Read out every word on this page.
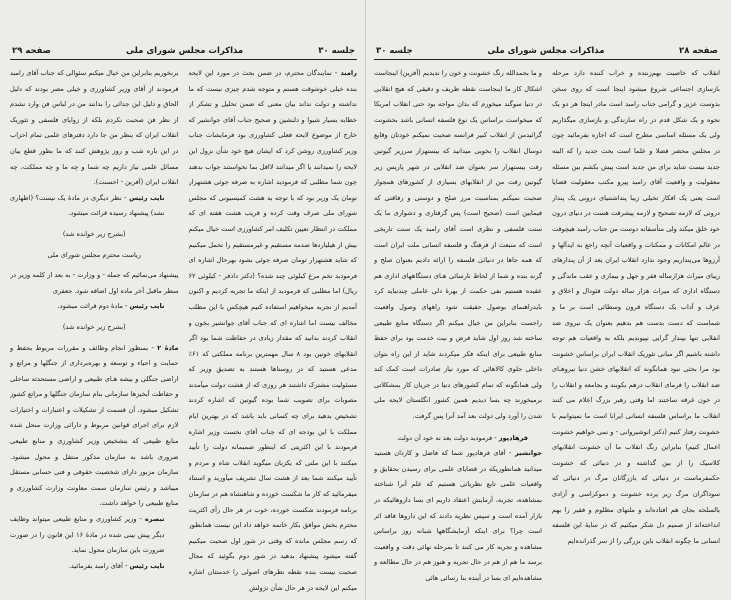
جلسه ۳۰
مذاکرات مجلس شورای ملی
صفحه ۲۹

رامبد - نمایندگان محترم، در ضمن بحث در مورد این لایحه بنده خیلی خوشوقت هستم و متوجه شدم چیزی نیست که ما نداشته و دولت نداند بیان معنی که ضمن تحلیل و تشکر از خطابه بسیار شیوا و دلنشین و صحیح جناب آقای جوانشیر که خارج از موضوع لایحه فعلی کشاورزی بود فرمایشات جناب وزیر کشاورزی روشن کرد که ایشان هیچ خود شأن نزول این لایحه را نمیدانند یا اگر میدانند لااقل بما نخواستند جواب بدهند چون شما مطلبی که فرمودید اشاره به صرفه جوئی هشتهزار تومان یک وزیر بود که با توجه به هشت کمیسیونی که مجلس شورای ملی صرف وقت کرده و قریب هشت هفته ای که مملکت در انتظار تعیین تکلیف امر کشاورزی است خیال میکنم بیش از هیلیاردها صدمه مستقیم و غیرمستقیم را تحمل میکنیم که شاید هشتهزار تومان صرفه جوئی بشود بهرحال اشاره ای فرمودید تخم مرغ کیلوئی چند شده؟ (دکتر دادفر - کیلوئی ۶۲ ریال) اما مطلبی که فرمودید از اینکه ما تجربه کردیم و اکنون آمدیم از تجربه میخواهیم استفاده کنیم هیچکس با این مطلب مخالف نیست اما اشاره ای که جناب آقای جوانشیر بخون و انقلاب کردند بدانید که مقدار زیادی در حفاظت شما بود اگر انقلابهای خونین بود ۸ سال مهمترین برنامه مملکتی که ۶۱٪ مدعی هستید که در روستاها هستند به تصدیق وزیر که مسئولیت مشترک داشتند هر روزی که از هشت دولت میآمدند مصوبات برای تصویب شما بوده گیوتین که اشاره کردند تشخیص بدهید برای چه کسانی باید باشد که در بهترین ایام مملکت با این بودجه ای که جناب آقای نخست وزیر اشاره فرمودند با این اکثریتی که اینطور صمیمانه دولت را تأیید میکنند با این ملتی که یکزبان میگوید انقلاب شاه و مردم و تأیید میکنند شما بعد از هشت سال تشریف میآورید و استناد میفرمائید که کار ما شکست خورده و شاهنشاه هم در سازمان برنامه فرمودند شکست خورده، خوب در هر حال رأی اکثریت محترم بخش موافق بکار خاتمه خواهد داد این نیست همانطور که رسم مجلس مانده که وقتی در شور اول صحبت میکنیم گفته میشود پیشنهاد بدهید در شور دوم بگوئید که مجال صحبت نیست بنده نقطه نظرهای اصولی را خدمتتان اشاره میکنم این لایحه در هر حال شأن نزولش

برنخوریم بنابراین من خیال میکنم سئوالی که جناب آقای رامبد فرمودند از آقای وزیر کشاورزی و خیلی مصر بودند که دلیل الحاق و دلیل این جدائی را بدانند من در لباس فن وارد نشدم از نظر فن صحبت نکردم بلکه از زوایای فلسفی و تئوریک انقلاب ایران که بنظر من جا دارد دفترهای علمی تمام احزاب در این باره شب و روز پژوهش کنند که ما بطور قطع بیان مسائل علمی نیاز داریم چه شما و چه ما و چه مملکت، چه انقلاب ایران (آفرین - احسنت).

نایب رئیس - نظر دیگری در مادهٔ یک نیست؟ (اظهاری نشد) پیشنهاد رسیده قرائت میشود.

(بشرح زیر خوانده شد)

ریاست محترم مجلس شورای ملی

پیشنهاد می‌نمائیم که جمله - و وزارت - به بعد از کلمه وزیر در سطر ماقبل آخر ماده اول اضافه شود. جعفری

نایب رئیس - مادهٔ دوم قرائت میشود.

(بشرح زیر خوانده شد)

مادهٔ ۲ - بمنظور انجام وظائف و مقررات مربوط بحفظ و حمایت و احیاء و توسعه و بهره‌برداری از جنگلها و مراتع و اراضی جنگلی و بیشه هـای طبیعی و اراضی مستحدثه ساحلی و حفاظت آبخیزها سازمانی بنام سازمان جنگلها و مراتع کشور تشکیل میشود. آن قسمت از تشکیلات و اعتبارات و اختیارات لازم برای اجرای قوانین مربوط و دارائی وزارت منحل شده منابع طبیعی که بتشخیص وزیر کشاورزی و منابع طبیعی ضروری باشد به سازمان مذکور منتقل و محول میشود. سازمان مزبور دارای شخصیت حقوقی و فنی حسابی مستقل میباشد و رئیس سازمان سمت معاونت وزارت کشاورزی و منابع طبیعی را خواهد داشت.

تبصره - وزیر کشاورزی و منابع طبیعی میتواند وظایف دیگر پیش بینی شده در مادهٔ ۱۶ این قانون را در صورت ضرورت باین سازمان محول نماید.

نایب رئیس - آقای رامبد بفرمائید.

صفحه ۲۸
مذاکرات مجلس شورای ملی
جلسه ۳۰

انقلاب که خاصیت بهم‌زننده و خراب کننده دارد مرحله بازسازی اجتماعی شروع میشود اینجا است که روی سخن بدوست عزیز و گرامی جناب رامبد است مادر اینجا هر دو یک نحوه و یک شکل قدم در راه سازندگی و بازسازی میگذاریم ولی یک مسئله اساسی مطرح است که اجازه بفرمائید چون در مجلس محضر فضلا و علما است بحث جدید را که البته جدید نیست شاید برای من جدید است پیش بکشم بین مسئله معقولیت و واقعیت آقای رامبد پیرو مکتب معقولیت قضایا است یعنی یک افکار تخیلی زیبا پنداشتنیای درونی یک پندار درونی که لازمه تصحیح و لازمه پیشرفت هست در دنیای درون خود خلق میکند ولی متأسفانه دوست من جناب رامبد هیچوقت در عالم امکانات و ممکنات و واقعیات آنچه راجع به ایدآلها و آرزوها می‌پنداریم وجود ندارد انقلاب ایران بعد از آن پندارهای زیبای میراث هزارساله فقر و جهل و بیماری و عقب ماندگی و دستگاه اداری که میراث هزار ساله دولت فئودال و اخلاق و عرف و آداب یک دستگاه قرون وسطائی است بر ما و شماست که دست بدست هم بدهیم بعنوان یک نیروی ضد انقلابی تنها بپندار گرایی نپیوندیم بلکه به واقعیات هم توجه داشته باشیم اگر مبانی تئوریک انقلاب ایران براساس خشونت بود مرا بحثی نبود همانگونه که انقلابهای خشن دنیا نیروهـای ضد انقلاب را فرمای انقلاب درهم بکوبند و بجامعه و انقلاب را در خون غرقه ساختند اما وقتی رهبر بزرگ اعلام می کنند انقلاب ما براساس فلسفه انسانی ایرانا است ما نمیتوانیم با خشونت رفتار کنیم (دکتر انوشیروانی - و نمی خواهیم خشونت اعمال کنیم) بنابراین رنگ انقلاب ما آن خشونت انقلابهای کلاسیک را از بین گذاشته و در دنیائی که خشونت حکمفرماست در دنیائی که بازرگانان مرگ در دنیائی که سوداگران مرگ زیر پرده خشونت و دموکراسی و آزادی بالسلحه بجان هم افتاده‌اند و ملتهای مظلوم و فقیر را بهم انداخته‌اند از صمیم دل شکر میکنیم که در سایهٔ این فلسفه انسانی ما چگونه انقلاب باین بزرگی را از سر گذرانده‌ایم

و ما بحمدالله رنگ خشونت و خون را ندیدیم (آفرین) اینجاست اشکال کار ما اینجاست نقطه ظریف و دقیقی که هیچ انقلابی در دنیا سوگند میخورم که بدان مواجه بود حتی انقلاب امریکا که میخواست براساس یک نوع فلسفه انسانی باشد بخشونت گرائیدمن از انقلاب کبیر فرانسه صحبت نمیکنم خودتان وقایع دوسال انقلاب را بخوبی میدانید که بیستهزار سرزیر گیوتین رفت بیستهزار سر بعنوان ضد انقلابی در شهر پاریس زیر گیوتین رفت من از انقلابهای بسیاری از کشورهای همجوار صحبت نمیکنم بمناسبت مرز صلح و دوستی و رفاقتی که فیمابین است (صحیح است) پس گرفتاری و دشواری ما یک سنت فلسفی و نظری است آقای رامبد یک سنت تاریخی است که منبعث از فرهنگ و فلسفه انسانی ملت ایران است که همه جاها در دنیائی فلسفه را ارائه دادیم بعنوان صلح و گرنه بنده و شما از لحاظ نارسائی هـای دستگاههای اداری هم عقیده هستیم نفی حکمت از بهرهٔ دلی عاملی چندنباید کرد بایدراهنمای بوصول حقیقت شود راههای وصول واقعیت راجست بنابراین من خیال میکنم اگر دستگاه منابع طبیعی ساخته شد روز اول شاید فرض و نیت خدمت بود برای حفظ منابع طبیعی برای اینکه فکر میکردند شاید از این راه بتوان داخلی جلوی کالاهائی که مورد نیاز صادرات است کمک کند ولی همانگونه که تمام کشورهای دنیا در جریان کار بمشکلاتی برمیخورند چه بسا دیدیم همین کشور انگلستان لایحه ملی شدن را آورد ولی دولت بعد آمد آنرا پس گرفت.

فرهادپور - فرمودید دولت بعد نه خود آن دولت

جوانشیر - آقای فرهادپور شما که فاضل و کاردان هستید میدانید همانطوریکه در قضایای علمی برای رسیدن بحقایق و واقعیات علمی تابع نظریاتی هستیم که علم آنرا شناخته بمشاهده، تجربه، آزمایش اعتقاد داریم ای بسا داروهائیکه در بازار آمده است و سپس نظریه دادند که این داروها فاقد اثر است چرا؟ برای اینکه آزمایشگاهها شبانه روز براساس مشاهده و تجربه کار می کنند تا بمرحله نهائی دقت و واقعیت برسد ما هم از هم در حال تجربه و هنوز هم در حال مطالعه و مشاهده‌ایم ای بسا در آینده بنا رسائی هائی
